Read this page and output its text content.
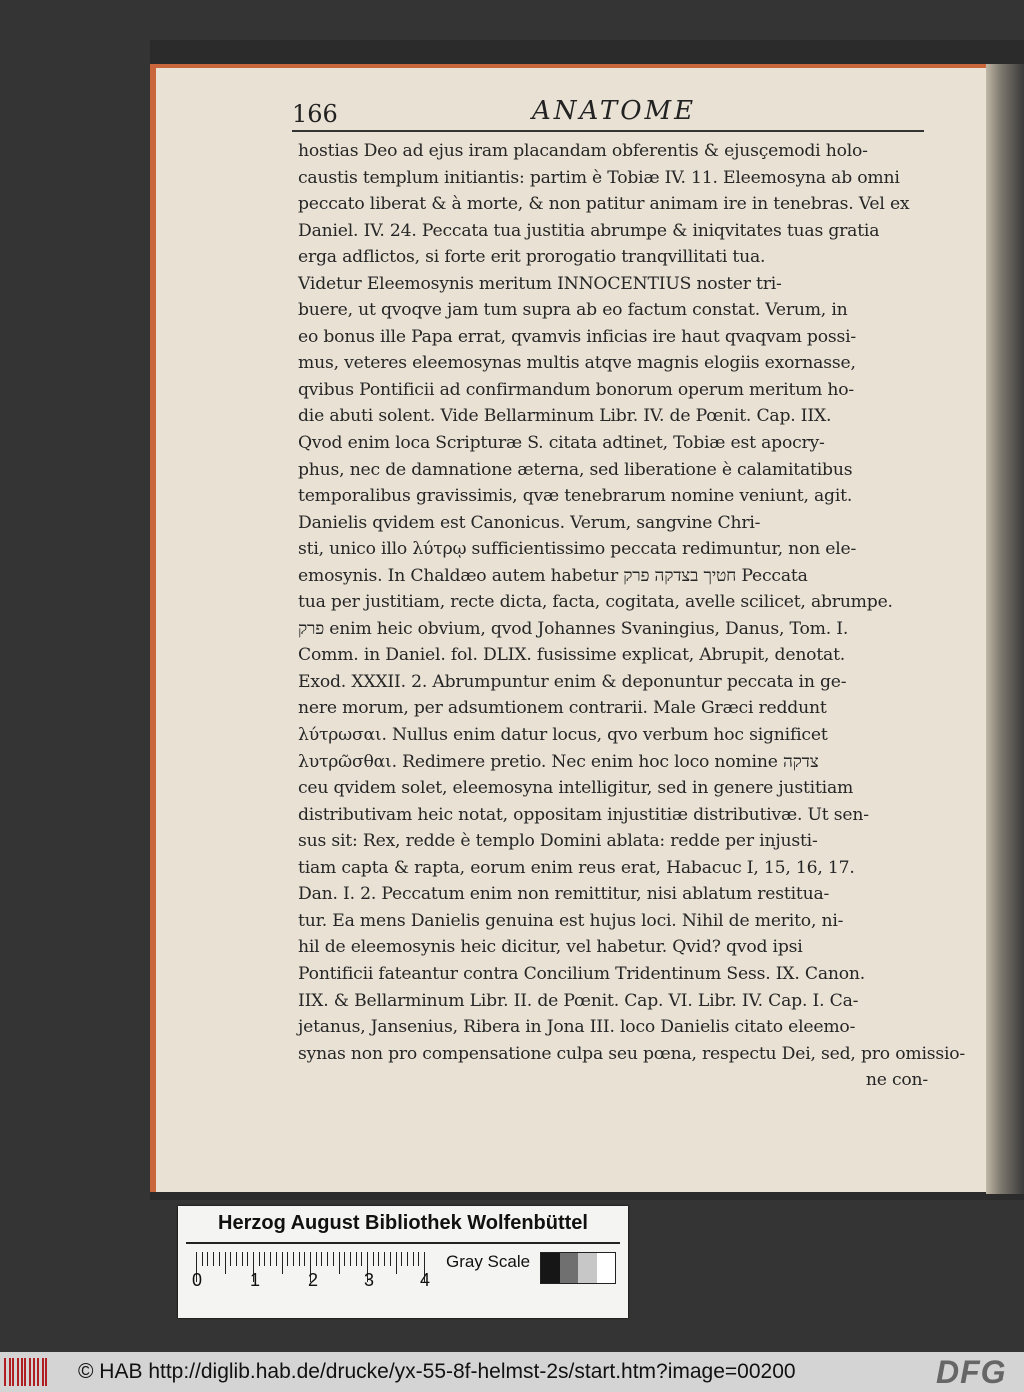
166	ANATOME
hostias Deo ad ejus iram placandam obferentis & ejusçemodi holo-
caustis templum initiantis: partim è Tobiæ IV. 11. Eleemosyna ab omni
peccato liberat & à morte, & non patitur animam ire in tenebras. Vel ex
Daniel. IV. 24. Peccata tua justitia abrumpe & iniqvitates tuas gratia
erga adflictos, si forte erit prorogatio tranqvillitati tua.
Videtur Eleemosynis meritum INNOCENTIUS noster tri-
buere, ut qvoqve jam tum supra ab eo factum constat. Verum, in
eo bonus ille Papa errat, qvamvis inficias ire haut qvaqvam possi-
mus, veteres eleemosynas multis atqve magnis elogiis exornasse,
qvibus Pontificii ad confirmandum bonorum operum meritum ho-
die abuti solent. Vide Bellarminum Libr. IV. de Pœnit. Cap. IIX.
Qvod enim loca Scripturæ S. citata adtinet, Tobiæ est apocry-
phus, nec de damnatione æterna, sed liberatione è calamitatibus
temporalibus gravissimis, qvæ tenebrarum nomine veniunt, agit.
Danielis qvidem est Canonicus. Verum, sangvine Chri-
sti, unico illo λύτρῳ sufficientissimo peccata redimuntur, non ele-
emosynis. In Chaldæo autem habetur חטיך בצדקה פרק Peccata
tua per justitiam, recte dicta, facta, cogitata, avelle scilicet, abrumpe.
פרק enim heic obvium, qvod Johannes Svaningius, Danus, Tom. I.
Comm. in Daniel. fol. DLIX. fusissime explicat, Abrupit, denotat.
Exod. XXXII. 2. Abrumpuntur enim & deponuntur peccata in ge-
nere morum, per adsumtionem contrarii. Male Græci reddunt
λύτρωσαι. Nullus enim datur locus, qvo verbum hoc significet
λυτρῶσθαι. Redimere pretio. Nec enim hoc loco nomine צדקה
ceu qvidem solet, eleemosyna intelligitur, sed in genere justitiam
distributivam heic notat, oppositam injustitiæ distributivæ. Ut sen-
sus sit: Rex, redde è templo Domini ablata: redde per injusti-
tiam capta & rapta, eorum enim reus erat, Habacuc I, 15, 16, 17.
Dan. I. 2. Peccatum enim non remittitur, nisi ablatum restitua-
tur. Ea mens Danielis genuina est hujus loci. Nihil de merito, ni-
hil de eleemosynis heic dicitur, vel habetur. Qvid? qvod ipsi
Pontificii fateantur contra Concilium Tridentinum Sess. IX. Canon.
IIX. & Bellarminum Libr. II. de Pœnit. Cap. VI. Libr. IV. Cap. I. Ca-
jetanus, Jansenius, Ribera in Jona III. loco Danielis citato eleemo-
synas non pro compensatione culpa seu pœna, respectu Dei, sed, pro omissio-
ne con-
Herzog August Bibliothek Wolfenbüttel
0	1	2	3	4
Gray Scale
© HAB http://diglib.hab.de/drucke/yx-55-8f-helmst-2s/start.htm?image=00200	DFG
